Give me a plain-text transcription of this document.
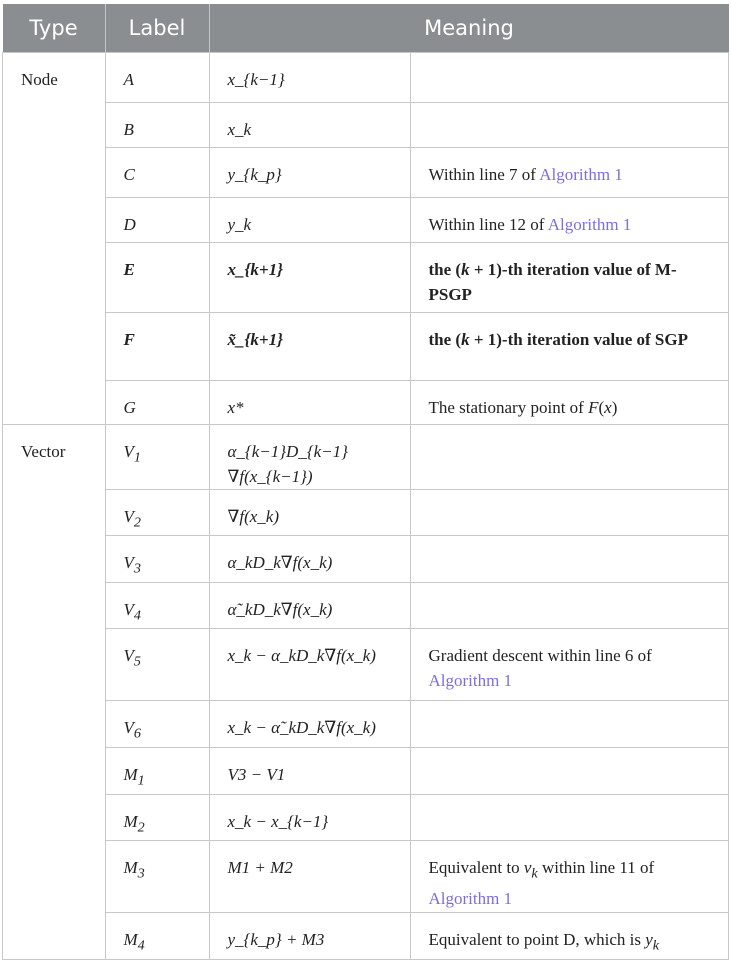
Type	Label	Meaning	
Node	A	x_{k−1}	
	B	x_k	
	C	y_{k_p}	Within line 7 of Algorithm 1
	D	y_k	Within line 12 of Algorithm 1
	E	x_{k+1}	the (k + 1)-th iteration value of M-PSGP
	F	x̃_{k+1}	the (k + 1)-th iteration value of SGP
	G	x*	The stationary point of F(x)
Vector	$V_1$	α_{k−1}D_{k−1}∇f(x_{k−1})	
	$V_2$	∇f(x_k)	
	$V_3$	α_kD_k∇f(x_k)	
	$V_4$	α̃_kD_k∇f(x_k)	
	$V_5$	x_k − α_kD_k∇f(x_k)	Gradient descent within line 6 of Algorithm 1
	$V_6$	x_k − α̃_kD_k∇f(x_k)	
	$M_1$	V3 − V1	
	$M_2$	x_k − x_{k−1}	
	$M_3$	M1 + M2	Equivalent to $v_k$ within line 11 of Algorithm 1
	$M_4$	y_{k_p} + M3	Equivalent to point D, which is $y_k$
